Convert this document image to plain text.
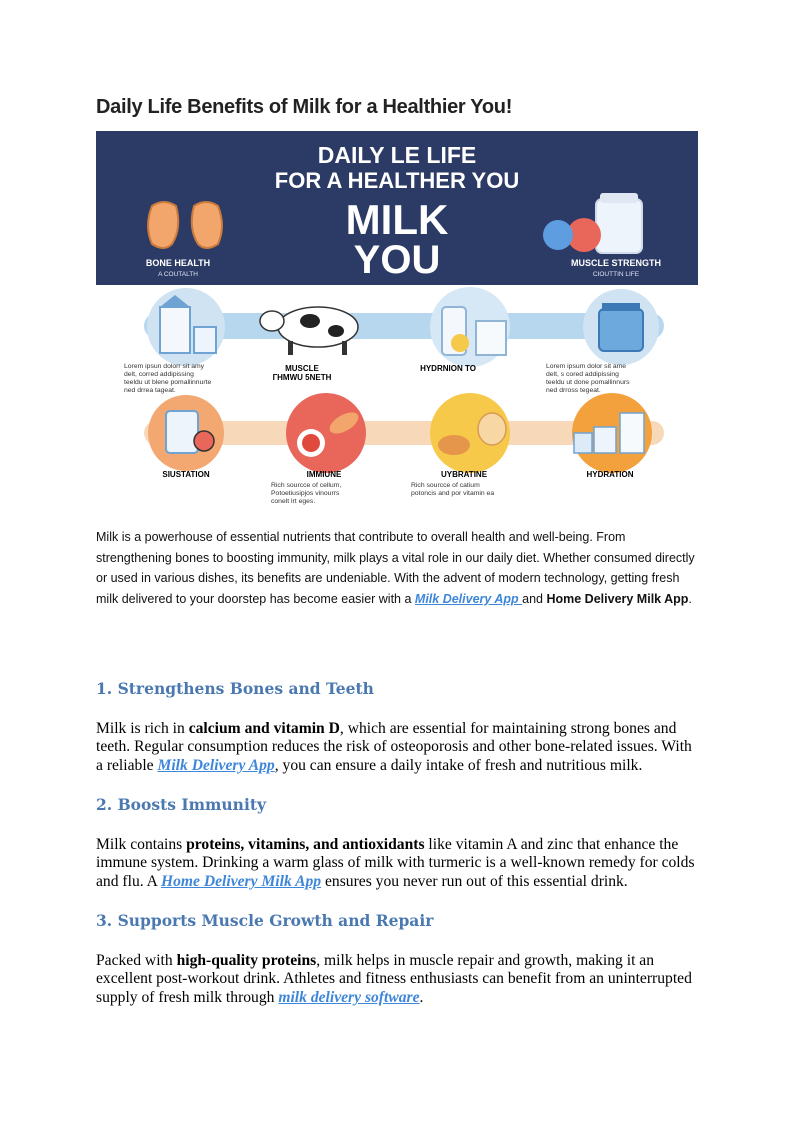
Daily Life Benefits of Milk for a Healthier You!
DAILY LE LIFE
FOR A HEALTHER YOU
MILK
YOU
BONE HEALTH
A COUTALTH
MUSCLE STRENGTH
CIOUTTIN LIFE
MUSCLE
ГНМWU 5NETH
HYDRNION TO
Lorem ipsun dolorr sit amy
delt, corred addipissing
teeldu ut blene pomallinnurte
ned drrea tageat.
Lorem ipsum dolor sit ame
delt, s cored addipissing
teeldu ut done pomallinnurs
ned drross tegeat.
SIUSTATION	IMMIUNE	UYBRATINE	HYDRATION
Rich sourcce of cellum,
Potoetiusipjos vinourrs
conelt lrt eges.
Rich sourcce of catium
potoncis and por vitamin ea

Milk is a powerhouse of essential nutrients that contribute to overall health and well-being. From strengthening bones to boosting immunity, milk plays a vital role in our daily diet. Whether consumed directly or used in various dishes, its benefits are undeniable. With the advent of modern technology, getting fresh milk delivered to your doorstep has become easier with a Milk Delivery App and Home Delivery Milk App.

1. Strengthens Bones and Teeth

Milk is rich in calcium and vitamin D, which are essential for maintaining strong bones and teeth. Regular consumption reduces the risk of osteoporosis and other bone-related issues. With a reliable Milk Delivery App, you can ensure a daily intake of fresh and nutritious milk.

2. Boosts Immunity

Milk contains proteins, vitamins, and antioxidants like vitamin A and zinc that enhance the immune system. Drinking a warm glass of milk with turmeric is a well-known remedy for colds and flu. A Home Delivery Milk App ensures you never run out of this essential drink.

3. Supports Muscle Growth and Repair

Packed with high-quality proteins, milk helps in muscle repair and growth, making it an excellent post-workout drink. Athletes and fitness enthusiasts can benefit from an uninterrupted supply of fresh milk through milk delivery software.
